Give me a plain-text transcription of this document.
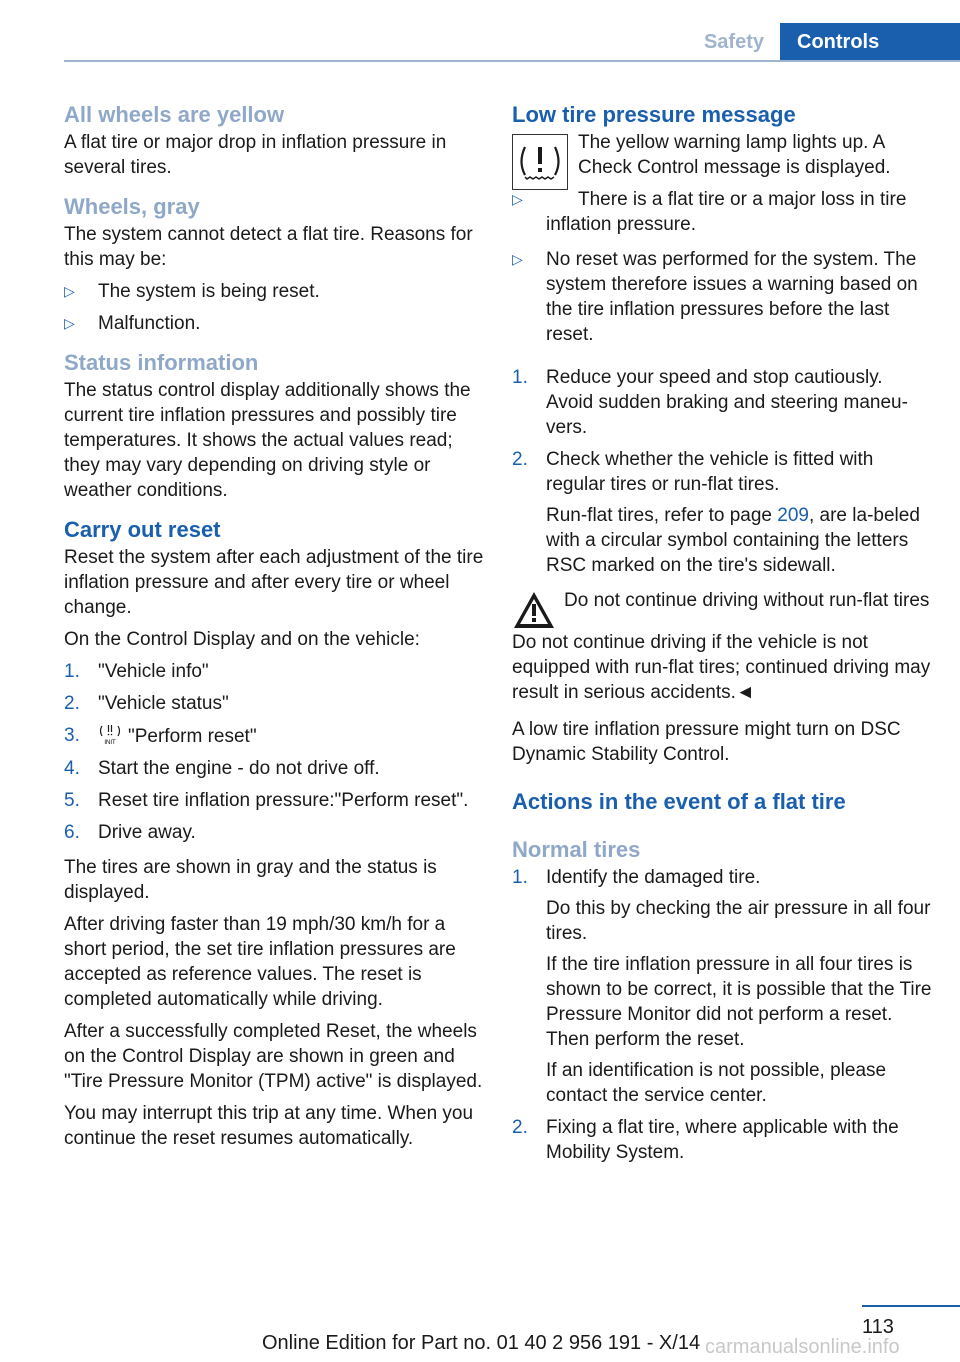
Safety	Controls
All wheels are yellow

A flat tire or major drop in inflation pressure in several tires.

Wheels, gray

The system cannot detect a flat tire. Reasons for this may be:

▷ The system is being reset.
▷ Malfunction.
Status information

The status control display additionally shows the current tire inflation pressures and possibly tire temperatures. It shows the actual values read; they may vary depending on driving style or weather conditions.

Carry out reset

Reset the system after each adjustment of the tire inflation pressure and after every tire or wheel change.

On the Control Display and on the vehicle:

1. "Vehicle info"
2. "Vehicle status"
3.	INIT "Perform reset"
4. Start the engine - do not drive off.
5. Reset tire inflation pressure:"Perform reset".
6. Drive away.

The tires are shown in gray and the status is displayed.

After driving faster than 19 mph/30 km/h for a short period, the set tire inflation pressures are accepted as reference values. The reset is completed automatically while driving.

After a successfully completed Reset, the wheels on the Control Display are shown in green and "Tire Pressure Monitor (TPM) active" is displayed.

You may interrupt this trip at any time. When you continue the reset resumes automatically.

Low tire pressure message

The yellow warning lamp lights up. A Check Control message is displayed.

▷	There is a flat tire or a major loss in tire inflation pressure.
▷ No reset was performed for the system. The system therefore issues a warning based on the tire inflation pressures before the last reset.
1. Reduce your speed and stop cautiously. Avoid sudden braking and steering maneu‐vers.
2. Check whether the vehicle is fitted with regular tires or run-flat tires.

Run-flat tires, refer to page 209, are la‐beled with a circular symbol containing the letters RSC marked on the tire's sidewall.

Do not continue driving without run-flat tires

Do not continue driving if the vehicle is not equipped with run-flat tires; continued driving may result in serious accidents.◄

A low tire inflation pressure might turn on DSC Dynamic Stability Control.

Actions in the event of a flat tire
Normal tires
1. Identify the damaged tire.

Do this by checking the air pressure in all four tires.

If the tire inflation pressure in all four tires is shown to be correct, it is possible that the Tire Pressure Monitor did not perform a reset. Then perform the reset.

If an identification is not possible, please contact the service center.

2. Fixing a flat tire, where applicable with the Mobility System.
113
Online Edition for Part no. 01 40 2 956 191 - X/14 carmanualsonline.info
